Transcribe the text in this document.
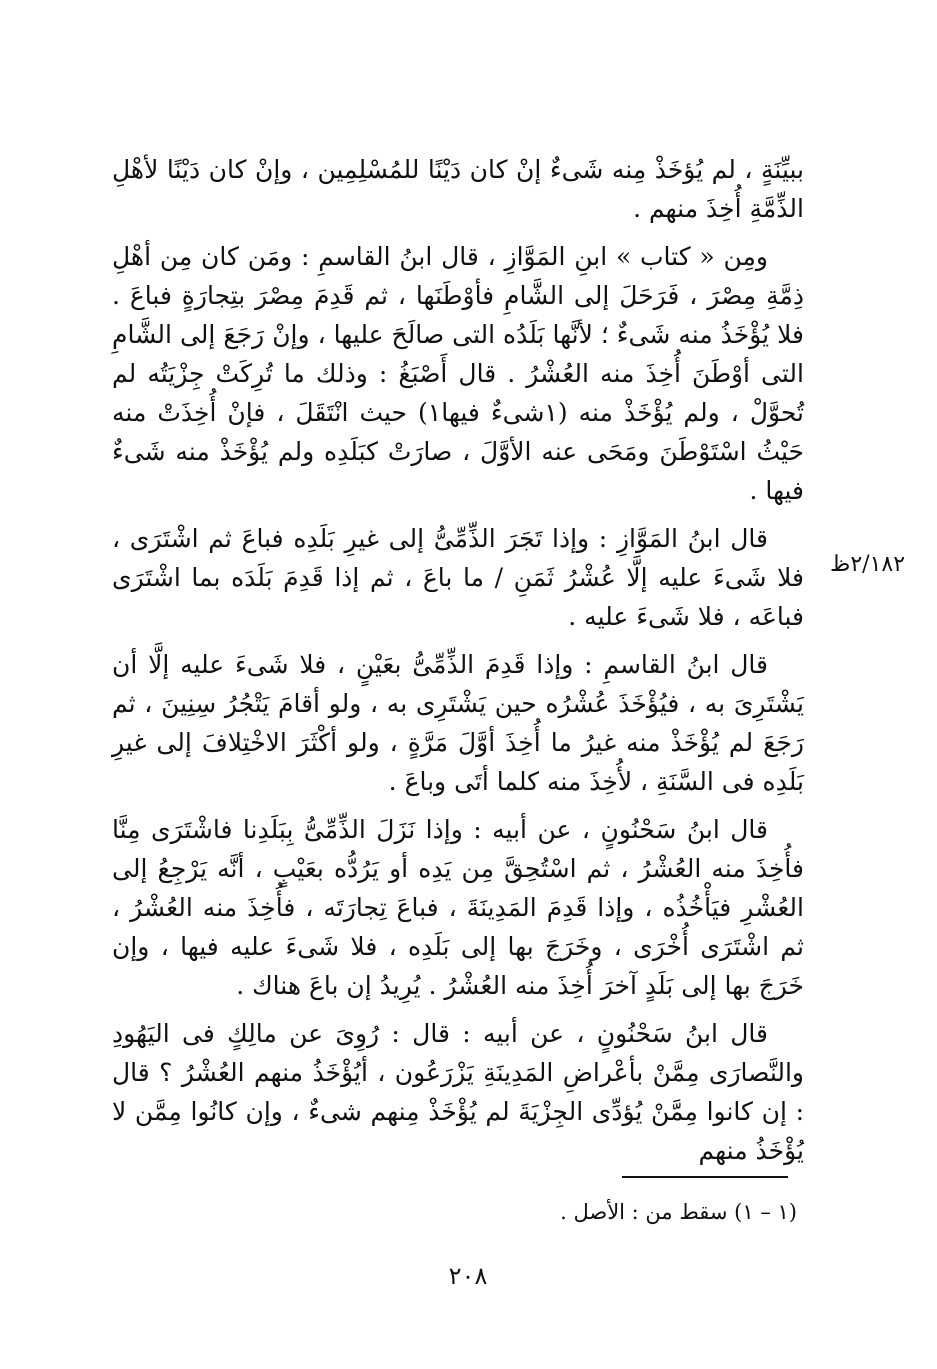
ببيِّنَةٍ ، لم يُؤخَذْ مِنه شَىءٌ إنْ كان دَيْنًا للمُسْلِمِين ، وإنْ كان دَيْنًا لأهْلِ الذِّمَّةِ أُخِذَ منهم .

ومِن « كتاب » ابنِ المَوَّازِ ، قال ابنُ القاسمِ : ومَن كان مِن أهْلِ ذِمَّةِ مِصْرَ ، فَرَحَلَ إلى الشَّامِ فأوْطَنَها ، ثم قَدِمَ مِصْرَ بتِجارَةٍ فباعَ . فلا يُؤْخَذُ منه شَىءٌ ؛ لأنَّها بَلَدُه التى صالَحَ عليها ، وإنْ رَجَعَ إلى الشَّامِ التى أوْطَنَ أُخِذَ منه العُشْرُ . قال أَصْبَغُ : وذلك ما تُرِكَتْ جِزْيَتُه لم تُحوَّلْ ، ولم يُؤْخَذْ منه (١شىءٌ فيها١) حيث انْتَقَلَ ، فإنْ أُخِذَتْ منه حَيْثُ اسْتَوْطَنَ ومَحَى عنه الأوَّلَ ، صارَتْ كبَلَدِه ولم يُؤْخَذْ منه شَىءٌ فيها .

قال ابنُ المَوَّازِ : وإذا تَجَرَ الذِّمِّىُّ إلى غيرِ بَلَدِه فباعَ ثم اشْتَرَى ، فلا شَىءَ عليه إلَّا عُشْرُ ثَمَنِ / ما باعَ ، ثم إذا قَدِمَ بَلَدَه بما اشْتَرَى فباعَه ، فلا شَىءَ عليه .

قال ابنُ القاسمِ : وإذا قَدِمَ الذِّمِّىُّ بعَيْنٍ ، فلا شَىءَ عليه إلَّا أن يَشْتَرِىَ به ، فيُؤْخَذَ عُشْرُه حين يَشْتَرِى به ، ولو أقامَ يَتْجُرُ سِنِينَ ، ثم رَجَعَ لم يُؤْخَذْ منه غيرُ ما أُخِذَ أوَّلَ مَرَّةٍ ، ولو أكْثَرَ الاخْتِلافَ إلى غيرِ بَلَدِه فى السَّنَةِ ، لأُخِذَ منه كلما أتَى وباعَ .

قال ابنُ سَحْنُونٍ ، عن أبيه : وإذا نَزَلَ الذِّمِّىُّ بِبَلَدِنا فاشْتَرَى مِنَّا فأُخِذَ منه العُشْرُ ، ثم اسْتُحِقَّ مِن يَدِه أو يَرُدُّه بعَيْبٍ ، أنَّه يَرْجِعُ إلى العُشْرِ فيَأْخُذُه ، وإذا قَدِمَ المَدِينَةَ ، فباعَ تِجارَتَه ، فأُخِذَ منه العُشْرُ ، ثم اشْتَرَى أُخْرَى ، وخَرَجَ بها إلى بَلَدِه ، فلا شَىءَ عليه فيها ، وإن خَرَجَ بها إلى بَلَدٍ آخرَ أُخِذَ منه العُشْرُ . يُرِيدُ إن باعَ هناك .

قال ابنُ سَحْنُونٍ ، عن أبيه : قال : رُوِىَ عن مالِكٍ فى اليَهُودِ والنَّصارَى مِمَّنْ بأعْراضِ المَدِينَةِ يَزْرَعُون ، أيُؤْخَذُ منهم العُشْرُ ؟ قال : إن كانوا مِمَّنْ يُؤدِّى الجِزْيَةَ لم يُؤْخَذْ مِنهم شىءٌ ، وإن كانُوا مِمَّن لا يُؤْخَذُ منهم

٢/١٨٢ظ
(١ – ١) سقط من : الأصل .
٢٠٨
